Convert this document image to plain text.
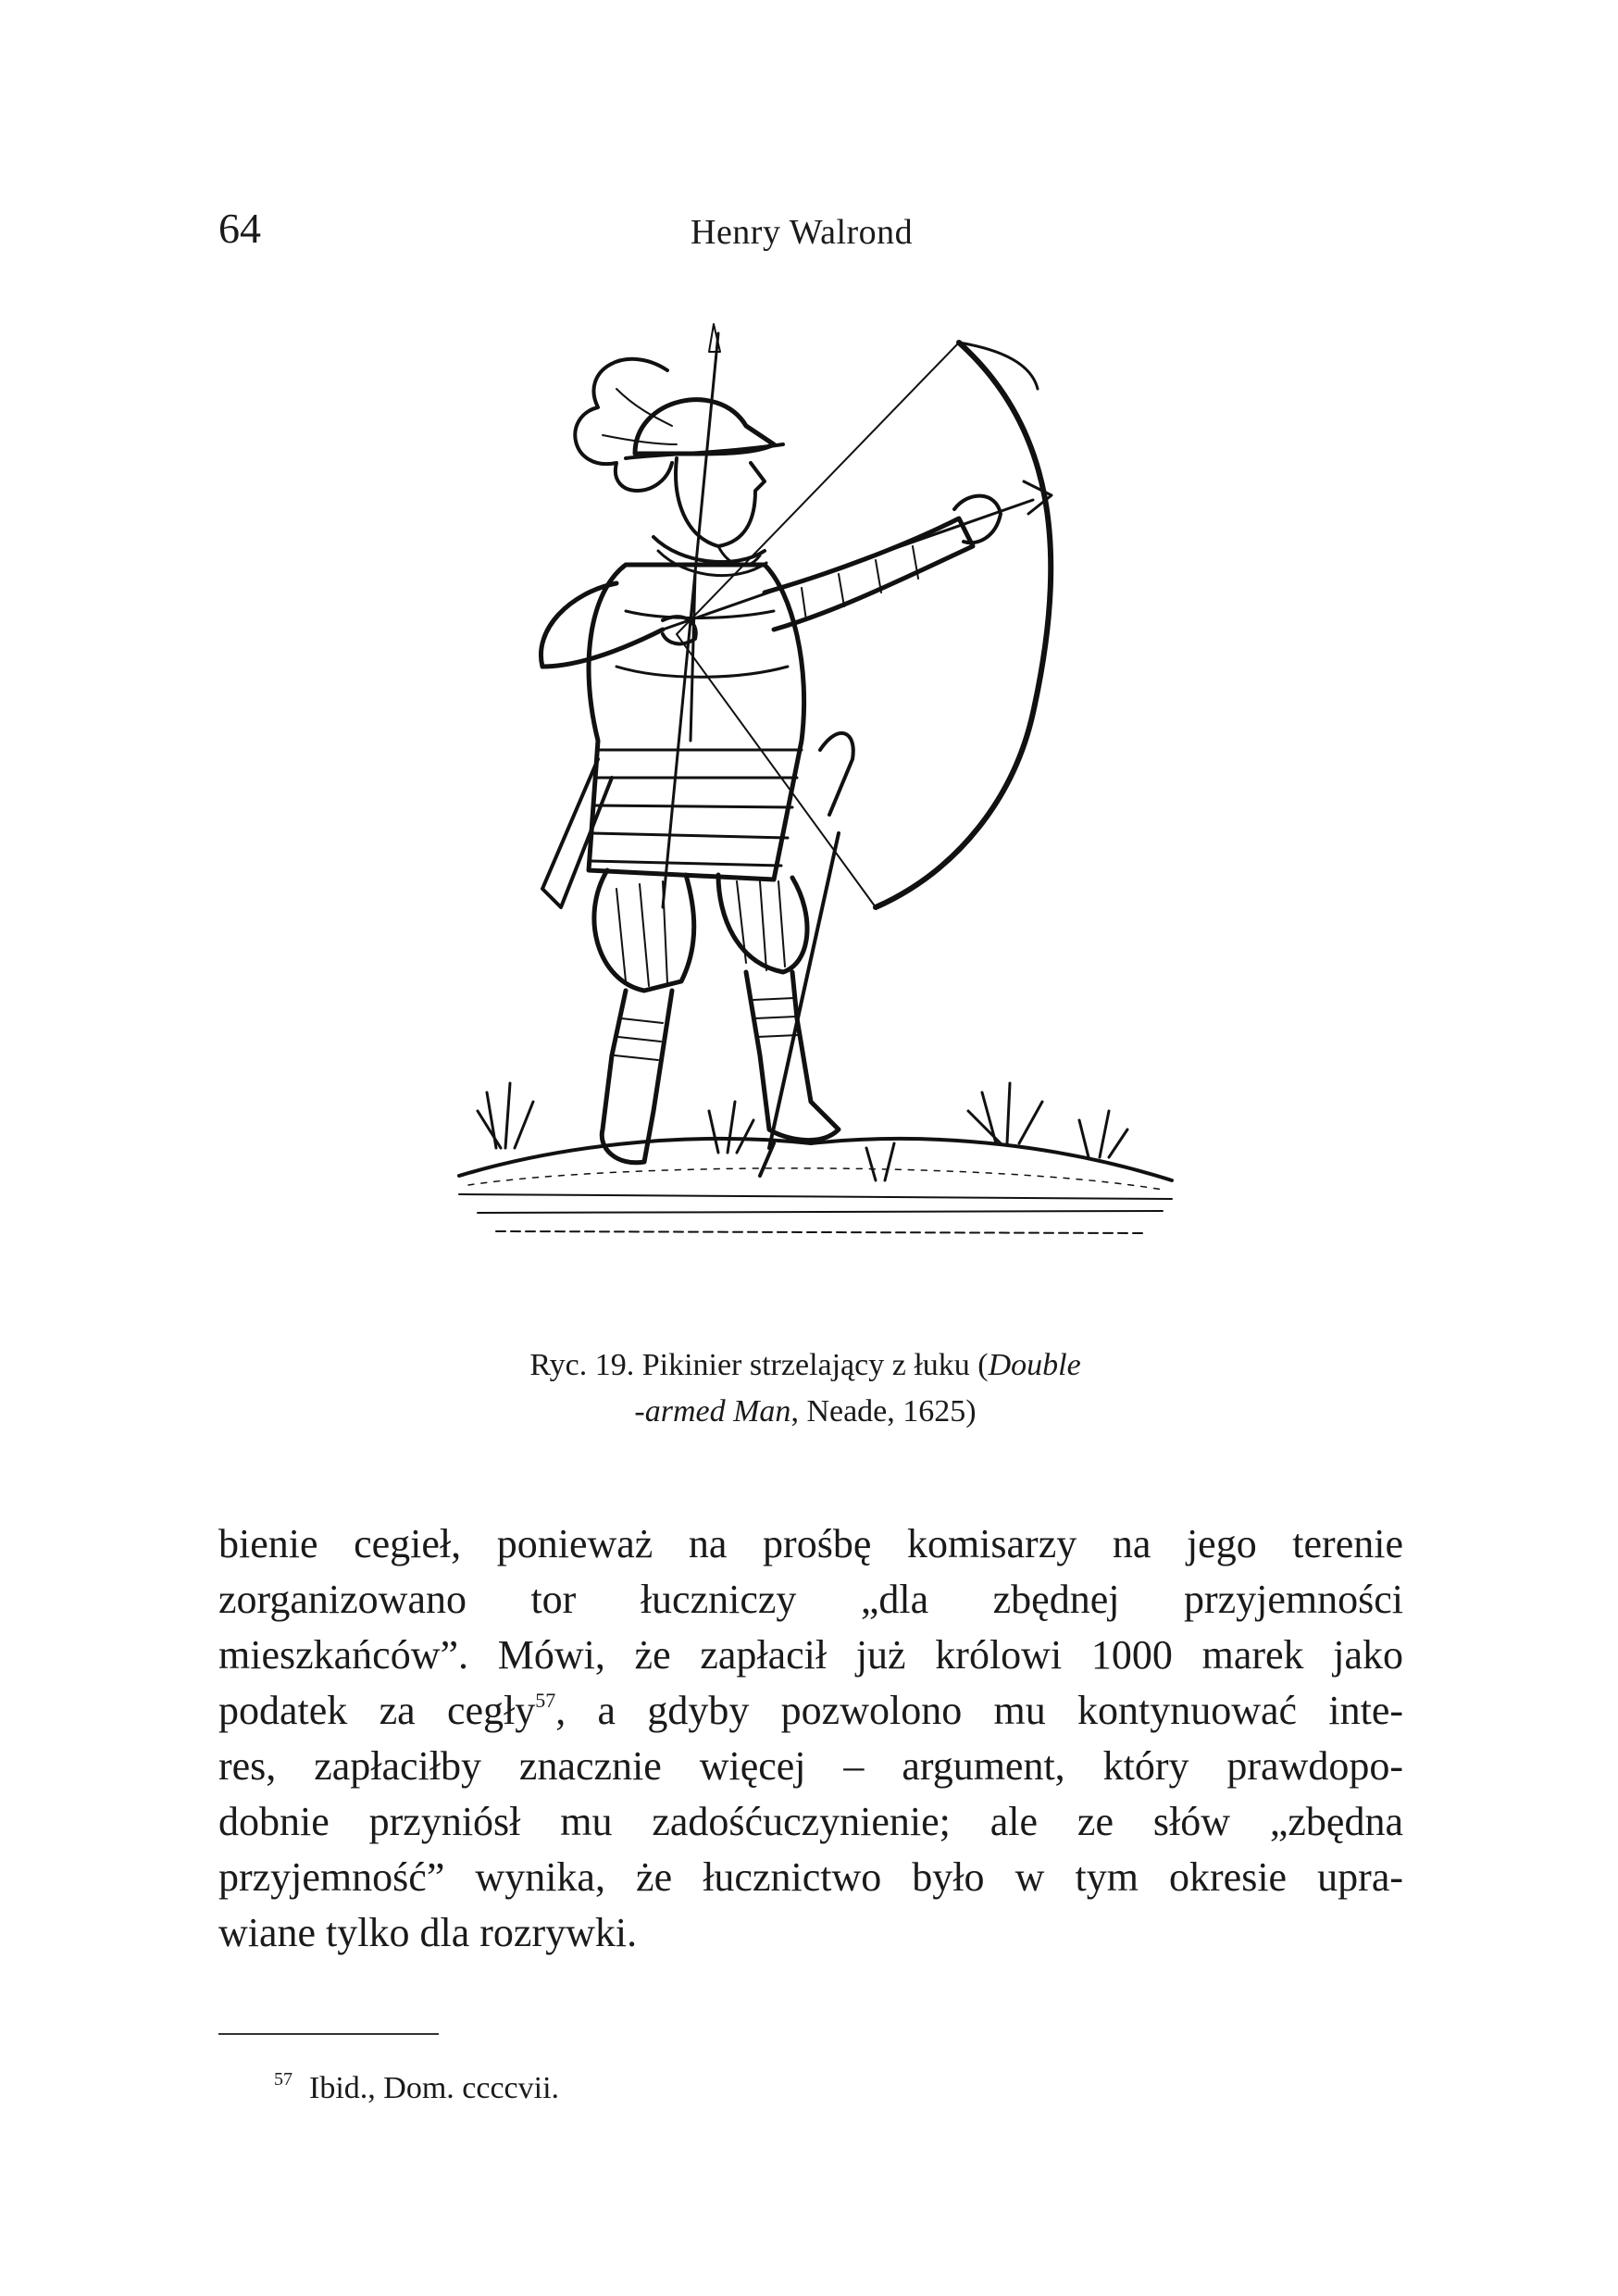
64	Henry Walrond
Ryc. 19. Pikinier strzelający z łuku (Double
-armed Man, Neade, 1625)
bienie cegieł, ponieważ na prośbę komisarzy na jego terenie
zorganizowano tor łuczniczy „dla zbędnej przyjemności
mieszkańców”. Mówi, że zapłacił już królowi 1000 marek jako
podatek za cegły$^{57}$, a gdyby pozwolono mu kontynuować inte-
res, zapłaciłby znacznie więcej – argument, który prawdopo-
dobnie przyniósł mu zadośćuczynienie; ale ze słów „zbędna
przyjemność” wynika, że łucznictwo było w tym okresie upra-
wiane tylko dla rozrywki.
$^{57}$ Ibid., Dom. ccccvii.
